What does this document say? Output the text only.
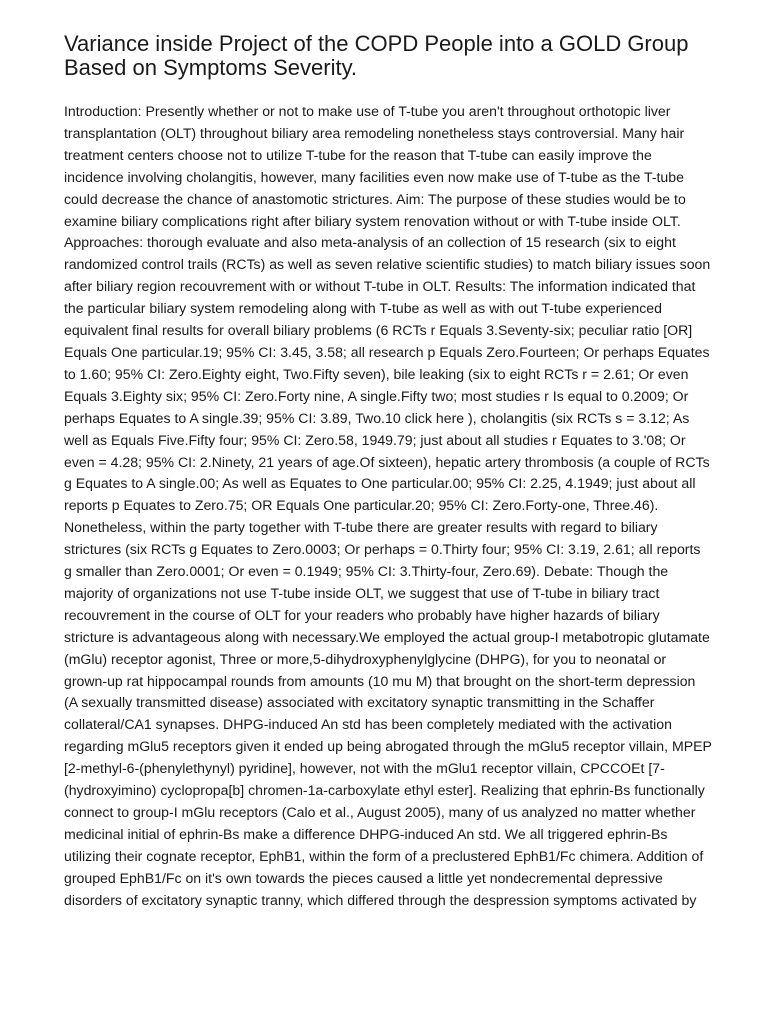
Variance inside Project of the COPD People into a GOLD Group Based on Symptoms Severity.

Introduction: Presently whether or not to make use of T-tube you aren't throughout orthotopic liver transplantation (OLT) throughout biliary area remodeling nonetheless stays controversial. Many hair treatment centers choose not to utilize T-tube for the reason that T-tube can easily improve the incidence involving cholangitis, however, many facilities even now make use of T-tube as the T-tube could decrease the chance of anastomotic strictures. Aim: The purpose of these studies would be to examine biliary complications right after biliary system renovation without or with T-tube inside OLT. Approaches: thorough evaluate and also meta-analysis of an collection of 15 research (six to eight randomized control trails (RCTs) as well as seven relative scientific studies) to match biliary issues soon after biliary region recouvrement with or without T-tube in OLT. Results: The information indicated that the particular biliary system remodeling along with T-tube as well as with out T-tube experienced equivalent final results for overall biliary problems (6 RCTs r Equals 3.Seventy-six; peculiar ratio [OR] Equals One particular.19; 95% CI: 3.45, 3.58; all research p Equals Zero.Fourteen; Or perhaps Equates to 1.60; 95% CI: Zero.Eighty eight, Two.Fifty seven), bile leaking (six to eight RCTs r = 2.61; Or even Equals 3.Eighty six; 95% CI: Zero.Forty nine, A single.Fifty two; most studies r Is equal to 0.2009; Or perhaps Equates to A single.39; 95% CI: 3.89, Two.10 click here ), cholangitis (six RCTs s = 3.12; As well as Equals Five.Fifty four; 95% CI: Zero.58, 1949.79; just about all studies r Equates to 3.'08; Or even = 4.28; 95% CI: 2.Ninety, 21 years of age.Of sixteen), hepatic artery thrombosis (a couple of RCTs g Equates to A single.00; As well as Equates to One particular.00; 95% CI: 2.25, 4.1949; just about all reports p Equates to Zero.75; OR Equals One particular.20; 95% CI: Zero.Forty-one, Three.46). Nonetheless, within the party together with T-tube there are greater results with regard to biliary strictures (six RCTs g Equates to Zero.0003; Or perhaps = 0.Thirty four; 95% CI: 3.19, 2.61; all reports g smaller than Zero.0001; Or even = 0.1949; 95% CI: 3.Thirty-four, Zero.69). Debate: Though the majority of organizations not use T-tube inside OLT, we suggest that use of T-tube in biliary tract recouvrement in the course of OLT for your readers who probably have higher hazards of biliary stricture is advantageous along with necessary.We employed the actual group-I metabotropic glutamate (mGlu) receptor agonist, Three or more,5-dihydroxyphenylglycine (DHPG), for you to neonatal or grown-up rat hippocampal rounds from amounts (10 mu M) that brought on the short-term depression (A sexually transmitted disease) associated with excitatory synaptic transmitting in the Schaffer collateral/CA1 synapses. DHPG-induced An std has been completely mediated with the activation regarding mGlu5 receptors given it ended up being abrogated through the mGlu5 receptor villain, MPEP [2-methyl-6-(phenylethynyl) pyridine], however, not with the mGlu1 receptor villain, CPCCOEt [7-(hydroxyimino) cyclopropa[b] chromen-1a-carboxylate ethyl ester]. Realizing that ephrin-Bs functionally connect to group-I mGlu receptors (Calo et al., August 2005), many of us analyzed no matter whether medicinal initial of ephrin-Bs make a difference DHPG-induced An std. We all triggered ephrin-Bs utilizing their cognate receptor, EphB1, within the form of a preclustered EphB1/Fc chimera. Addition of grouped EphB1/Fc on it's own towards the pieces caused a little yet nondecremental depressive disorders of excitatory synaptic tranny, which differed through the despression symptoms activated by
